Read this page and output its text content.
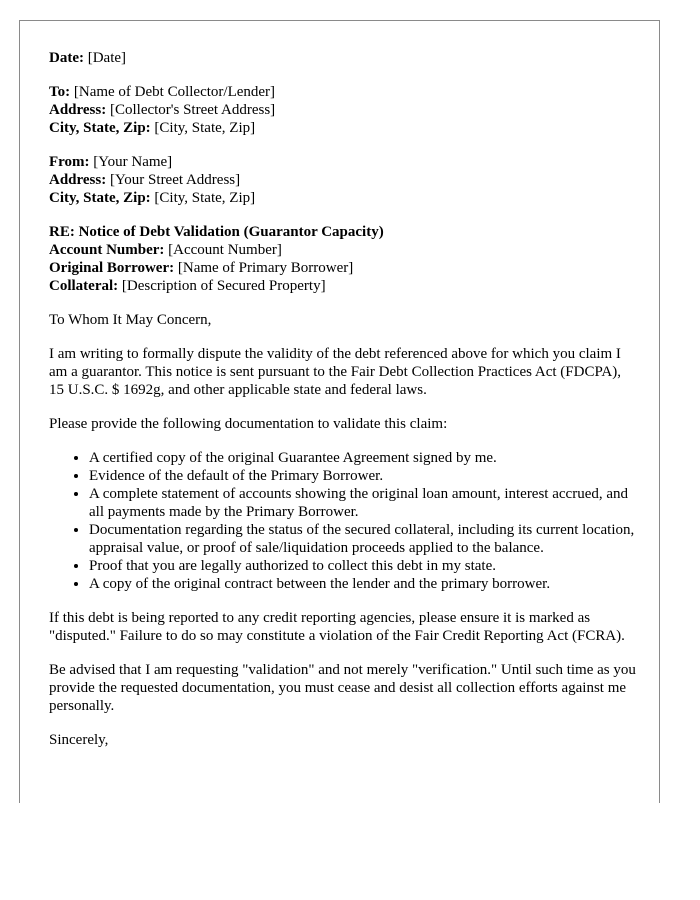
Date: [Date]

To: [Name of Debt Collector/Lender]
Address: [Collector's Street Address]
City, State, Zip: [City, State, Zip]

From: [Your Name]
Address: [Your Street Address]
City, State, Zip: [City, State, Zip]

RE: Notice of Debt Validation (Guarantor Capacity)
Account Number: [Account Number]
Original Borrower: [Name of Primary Borrower]
Collateral: [Description of Secured Property]

To Whom It May Concern,

I am writing to formally dispute the validity of the debt referenced above for which you claim I am a guarantor. This notice is sent pursuant to the Fair Debt Collection Practices Act (FDCPA), 15 U.S.C. $ 1692g, and other applicable state and federal laws.

Please provide the following documentation to validate this claim:

• A certified copy of the original Guarantee Agreement signed by me.
• Evidence of the default of the Primary Borrower.
• A complete statement of accounts showing the original loan amount, interest accrued, and all payments made by the Primary Borrower.
• Documentation regarding the status of the secured collateral, including its current location, appraisal value, or proof of sale/liquidation proceeds applied to the balance.
• Proof that you are legally authorized to collect this debt in my state.
• A copy of the original contract between the lender and the primary borrower.

If this debt is being reported to any credit reporting agencies, please ensure it is marked as "disputed." Failure to do so may constitute a violation of the Fair Credit Reporting Act (FCRA).

Be advised that I am requesting "validation" and not merely "verification." Until such time as you provide the requested documentation, you must cease and desist all collection efforts against me personally.

Sincerely,
